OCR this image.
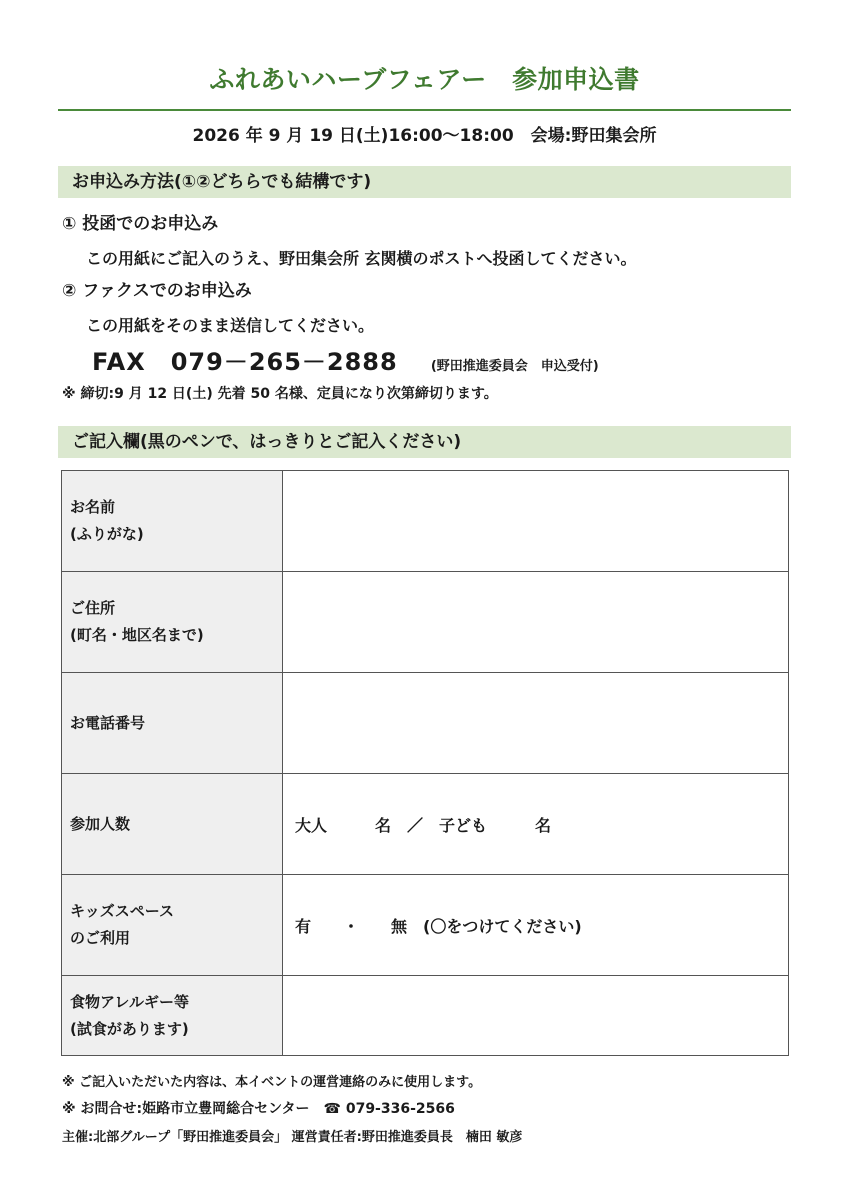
ふれあいハーブフェアー　参加申込書
2026 年 9 月 19 日(土)16:00～18:00　会場:野田集会所
お申込み方法(①②どちらでも結構です)
① 投函でのお申込み
この用紙にご記入のうえ、野田集会所 玄関横のポストへ投函してください。
② ファクスでのお申込み
この用紙をそのまま送信してください。
FAX　079－265－2888	(野田推進委員会　申込受付)
※ 締切:9 月 12 日(土) 先着 50 名様、定員になり次第締切ります。
ご記入欄(黒のペンで、はっきりとご記入ください)
お名前
(ふりがな)	

ご住所
(町名・地区名まで)	

お電話番号	

参加人数	大人　　　名　／　子ども　　　名

キッズスペース
のご利用	有　　・　　無　(〇をつけてください)

食物アレルギー等
(試食があります)	

※ ご記入いただいた内容は、本イベントの運営連絡のみに使用します。
※ お問合せ:姫路市立豊岡総合センター　☎ 079-336-2566
主催:北部グループ「野田推進委員会」 運営責任者:野田推進委員長　楠田 敏彦
